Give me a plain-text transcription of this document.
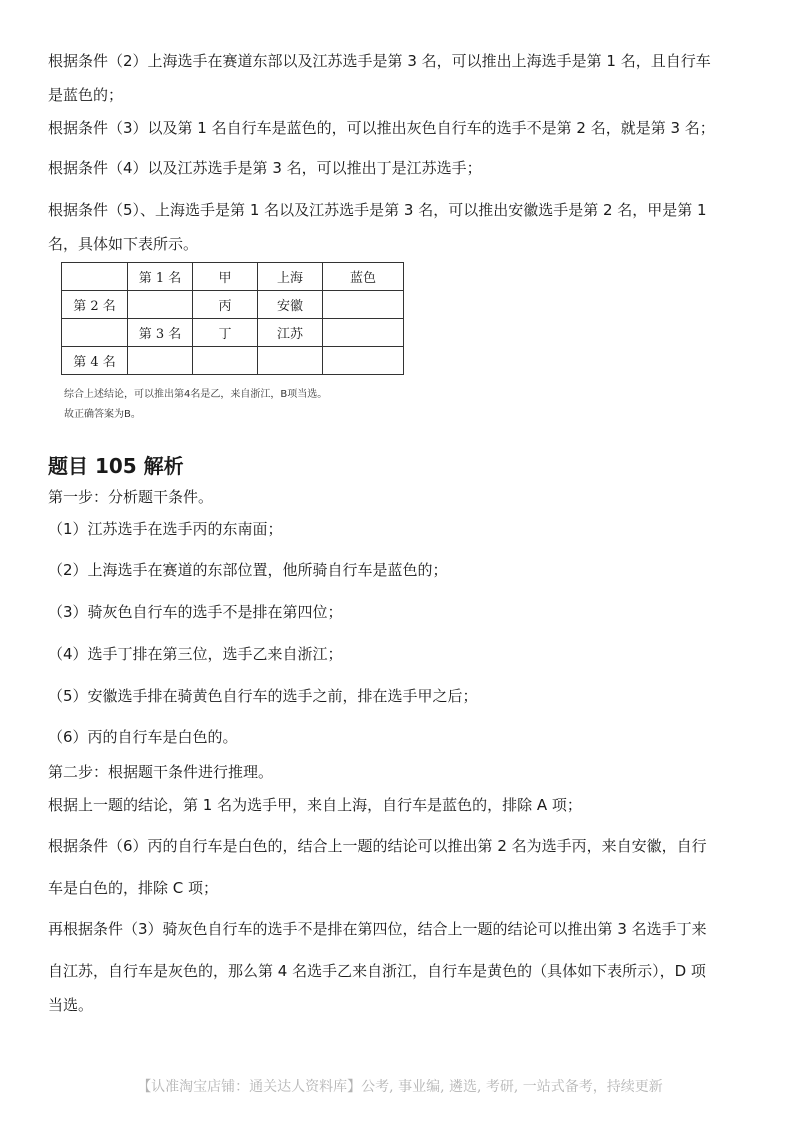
根据条件（2）上海选手在赛道东部以及江苏选手是第 3 名，可以推出上海选手是第 1 名，且自行车
是蓝色的；
根据条件（3）以及第 1 名自行车是蓝色的，可以推出灰色自行车的选手不是第 2 名，就是第 3 名；
根据条件（4）以及江苏选手是第 3 名，可以推出丁是江苏选手；
根据条件（5）、上海选手是第 1 名以及江苏选手是第 3 名，可以推出安徽选手是第 2 名，甲是第 1
名，具体如下表所示。
	第 1 名	甲	上海	蓝色
第 2 名		丙	安徽	
	第 3 名	丁	江苏	
第 4 名				
综合上述结论，可以推出第4名是乙，来自浙江，B项当选。
故正确答案为B。
题目 105 解析
第一步：分析题干条件。
（1）江苏选手在选手丙的东南面；
（2）上海选手在赛道的东部位置，他所骑自行车是蓝色的；
（3）骑灰色自行车的选手不是排在第四位；
（4）选手丁排在第三位，选手乙来自浙江；
（5）安徽选手排在骑黄色自行车的选手之前，排在选手甲之后；
（6）丙的自行车是白色的。
第二步：根据题干条件进行推理。
根据上一题的结论，第 1 名为选手甲，来自上海，自行车是蓝色的，排除 A 项；
根据条件（6）丙的自行车是白色的，结合上一题的结论可以推出第 2 名为选手丙，来自安徽，自行
车是白色的，排除 C 项；
再根据条件（3）骑灰色自行车的选手不是排在第四位，结合上一题的结论可以推出第 3 名选手丁来
自江苏，自行车是灰色的，那么第 4 名选手乙来自浙江，自行车是黄色的（具体如下表所示），D 项
当选。
【认准淘宝店铺：通关达人资料库】公考, 事业编, 遴选, 考研, 一站式备考，持续更新
